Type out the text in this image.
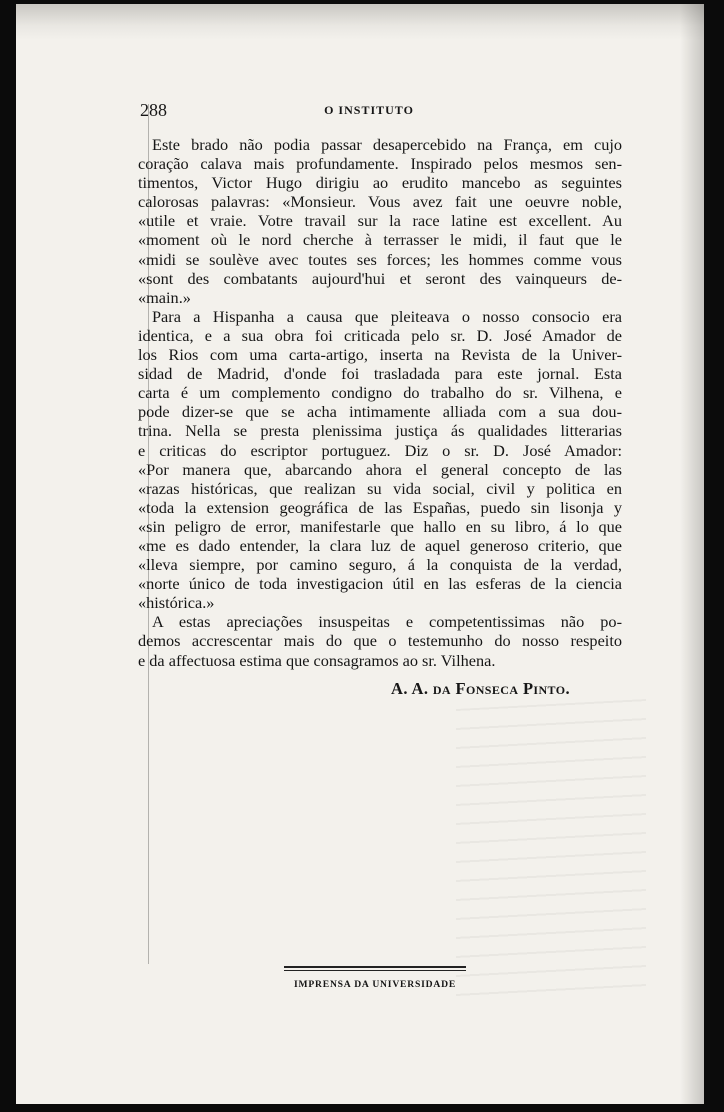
288	O INSTITUTO

Este brado não podia passar desapercebido na França, em cujo
coração calava mais profundamente. Inspirado pelos mesmos sen-
timentos, Victor Hugo dirigiu ao erudito mancebo as seguintes
calorosas palavras: «Monsieur. Vous avez fait une oeuvre noble,
«utile et vraie. Votre travail sur la race latine est excellent. Au
«moment où le nord cherche à terrasser le midi, il faut que le
«midi se soulève avec toutes ses forces; les hommes comme vous
«sont des combatants aujourd'hui et seront des vainqueurs de-
«main.»

Para a Hispanha a causa que pleiteava o nosso consocio era
identica, e a sua obra foi criticada pelo sr. D. José Amador de
los Rios com uma carta-artigo, inserta na Revista de la Univer-
sidad de Madrid, d'onde foi trasladada para este jornal. Esta
carta é um complemento condigno do trabalho do sr. Vilhena, e
pode dizer-se que se acha intimamente alliada com a sua dou-
trina. Nella se presta plenissima justiça ás qualidades litterarias
e criticas do escriptor portuguez. Diz o sr. D. José Amador:
«Por manera que, abarcando ahora el general concepto de las
«razas históricas, que realizan su vida social, civil y politica en
«toda la extension geográfica de las Españas, puedo sin lisonja y
«sin peligro de error, manifestarle que hallo en su libro, á lo que
«me es dado entender, la clara luz de aquel generoso criterio, que
«lleva siempre, por camino seguro, á la conquista de la verdad,
«norte único de toda investigacion útil en las esferas de la ciencia
«histórica.»

A estas apreciações insuspeitas e competentissimas não po-
demos accrescentar mais do que o testemunho do nosso respeito
e da affectuosa estima que consagramos ao sr. Vilhena.

A. A. da Fonseca Pinto.
IMPRENSA DA UNIVERSIDADE
